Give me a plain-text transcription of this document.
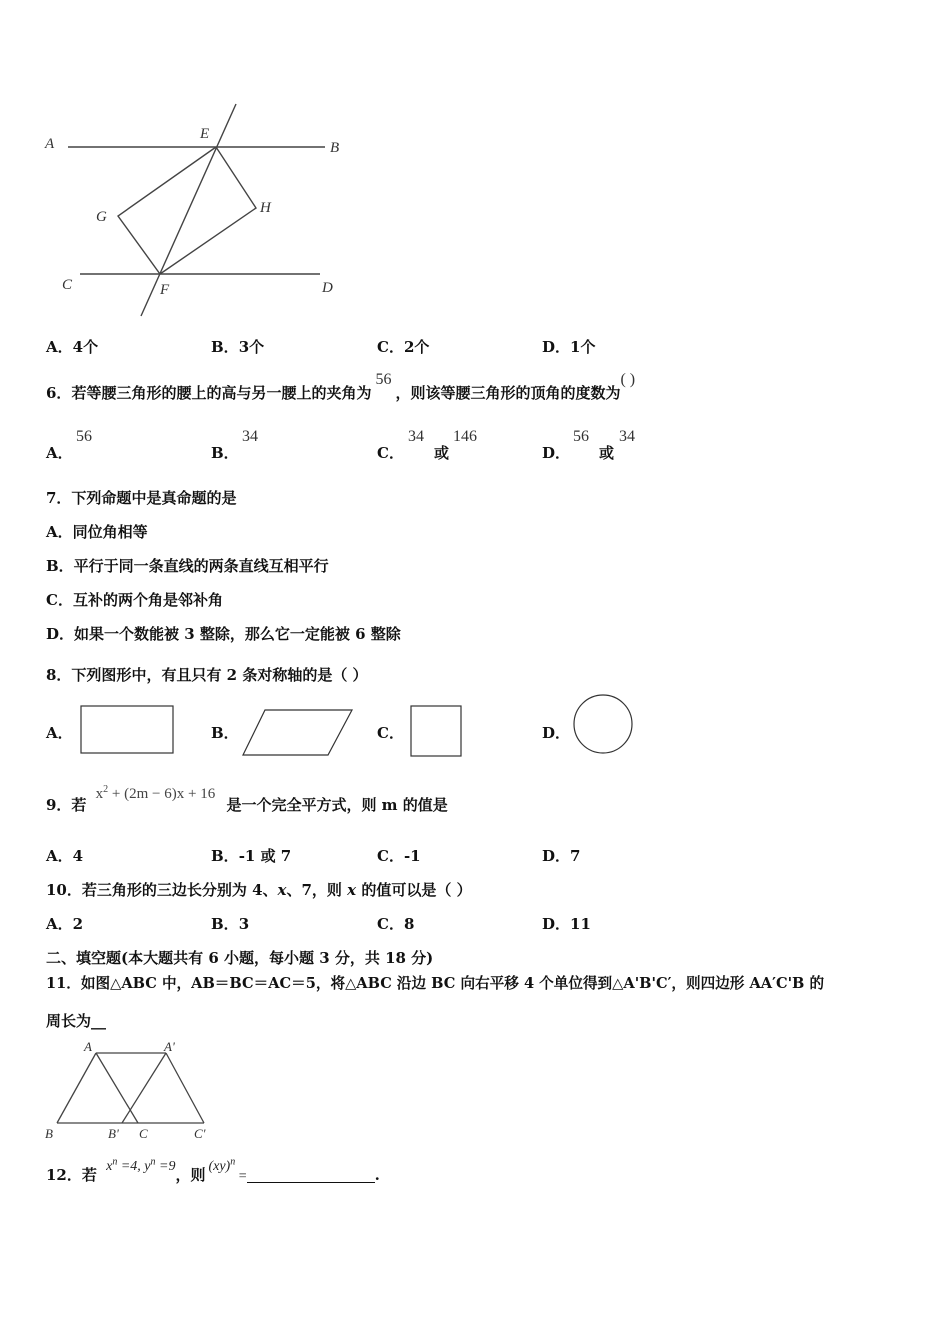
A	B
E
G
H
C	F	D
A．4个	B．3个	C．2个	D．1个
6．若等腰三角形的腰上的高与另一腰上的夹角为56，则该等腰三角形的顶角的度数为( )
A．
56
B．
34
C．
34
或
146
D．
56
或
34
7．下列命题中是真命题的是
A．同位角相等
B．平行于同一条直线的两条直线互相平行
C．互补的两个角是邻补角
D．如果一个数能被 3 整除，那么它一定能被 6 整除
8．下列图形中，有且只有 2 条对称轴的是（ ）
A．	B．	C．	D．
9．若 $x^2 + (2m - 6)x + 16$ 是一个完全平方式，则 m 的值是
A．4	B．-1 或 7	C．-1	D．7
10．若三角形的三边长分别为 4、x、7，则 x 的值可以是（ ）
A．2	B．3	C．8	D．11
二、填空题(本大题共有 6 小题，每小题 3 分，共 18 分)
11．如图△ABC 中，AB＝BC＝AC＝5，将△ABC 沿边 BC 向右平移 4 个单位得到△A'B'C′，则四边形 AA′C'B 的
周长为__
A	A'
B	B' C	C'
12．若 $x^n =4$, $y^n =9$，则 (xy)$^n$ =	.
